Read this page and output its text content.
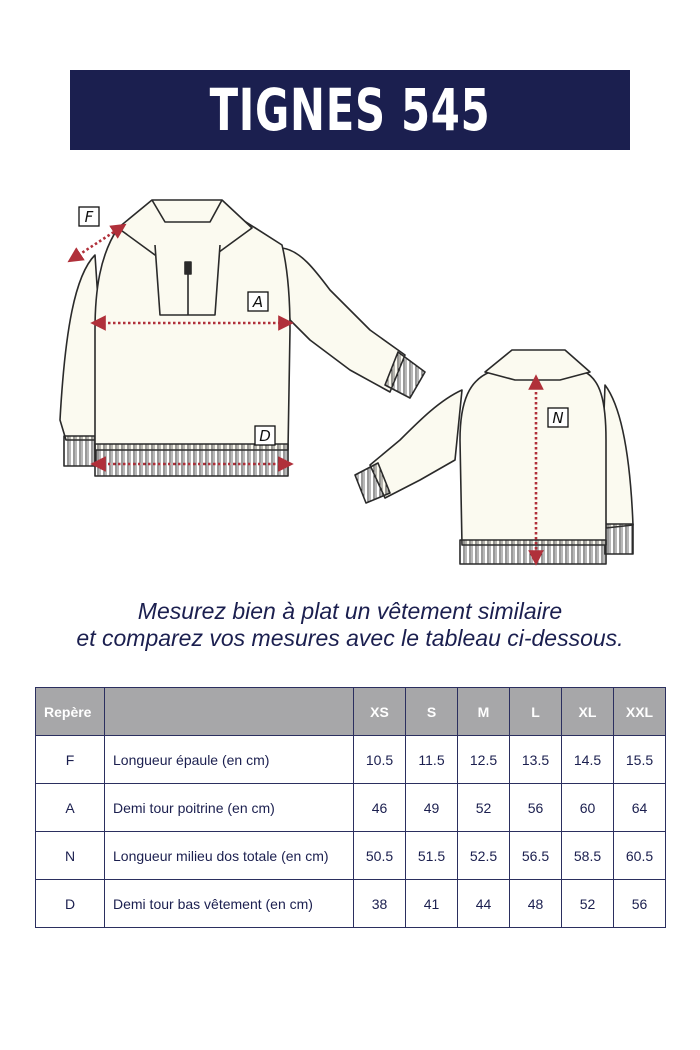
TIGNES 545
F
A
D
N
Mesurez bien à plat un vêtement similaire
et comparez vos mesures avec le tableau ci-dessous.
Repère		XS	S	M	L	XL	XXL
F	Longueur épaule (en cm)	10.5	11.5	12.5	13.5	14.5	15.5
A	Demi tour poitrine (en cm)	46	49	52	56	60	64
N	Longueur milieu dos totale (en cm)	50.5	51.5	52.5	56.5	58.5	60.5
D	Demi tour bas vêtement (en cm)	38	41	44	48	52	56
